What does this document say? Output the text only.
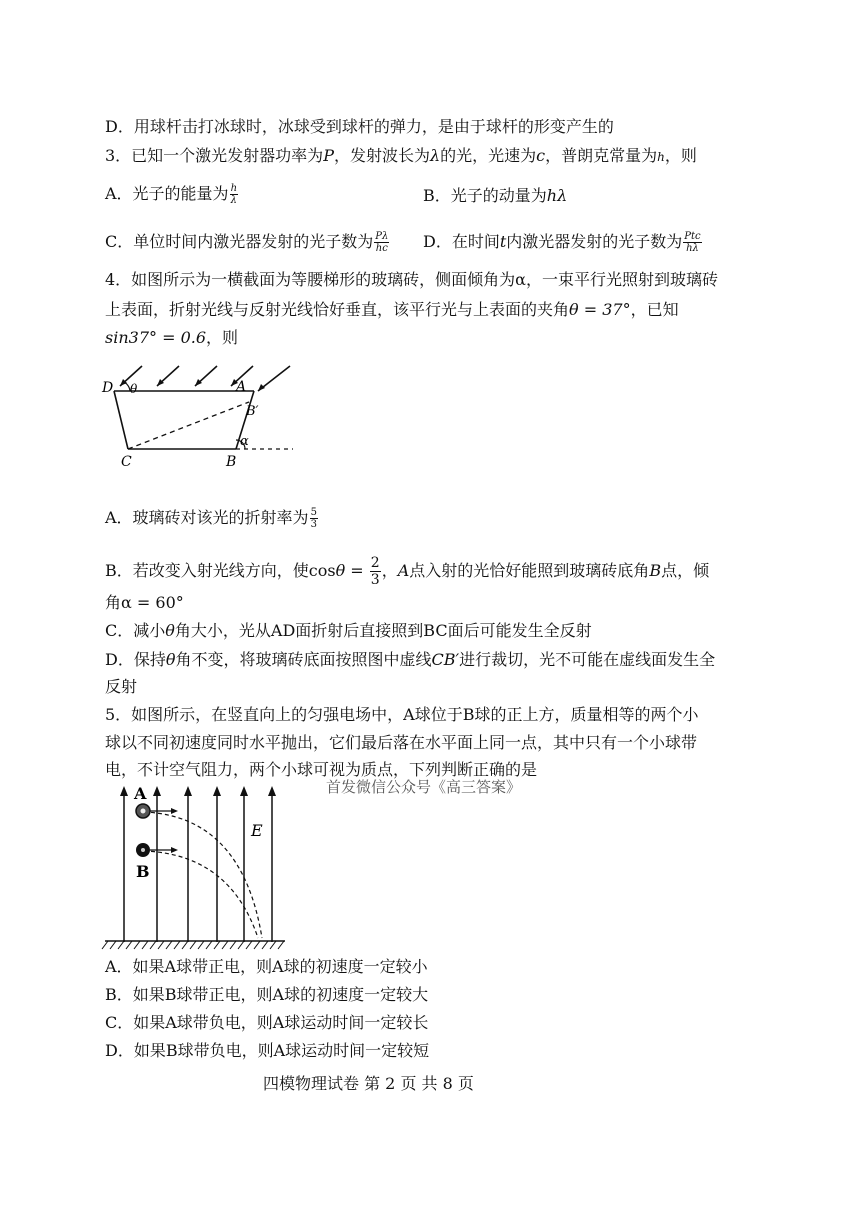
D．用球杆击打冰球时，冰球受到球杆的弹力，是由于球杆的形变产生的
3．已知一个激光发射器功率为P，发射波长为λ的光，光速为c，普朗克常量为h，则
A．光子的能量为 $\frac{h}{\lambda}$	B．光子的动量为hλ
C．单位时间内激光器发射的光子数为 $\frac{P\lambda}{hc}$ D．在时间t内激光器发射的光子数为 $\frac{\text{Ptc}}{h\lambda}$
4．如图所示为一横截面为等腰梯形的玻璃砖，侧面倾角为α，一束平行光照射到玻璃砖
上表面，折射光线与反射光线恰好垂直，该平行光与上表面的夹角θ = 37°，已知
sin37° = 0.6，则
D θ	A
B′
α
C	B
A．玻璃砖对该光的折射率为 $\frac{5}{3}$
B．若改变入射光线方向，使$\cos\theta = \frac{2}{3}$ ，A点入射的光恰好能照到玻璃砖底角B点，倾
角α = 60°
C．减小θ角大小，光从AD面折射后直接照到BC面后可能发生全反射
D．保持θ角不变，将玻璃砖底面按照图中虚线CB′进行裁切，光不可能在虚线面发生全
反射
5．如图所示，在竖直向上的匀强电场中，A球位于B球的正上方，质量相等的两个小
球以不同初速度同时水平抛出，它们最后落在水平面上同一点，其中只有一个小球带
电，不计空气阻力，两个小球可视为质点，下列判断正确的是
首发微信公众号《高三答案》
A
B
E
A．如果A球带正电，则A球的初速度一定较小
B．如果B球带正电，则A球的初速度一定较大
C．如果A球带负电，则A球运动时间一定较长
D．如果B球带负电，则A球运动时间一定较短
四模物理试卷 第 2 页 共 8 页
